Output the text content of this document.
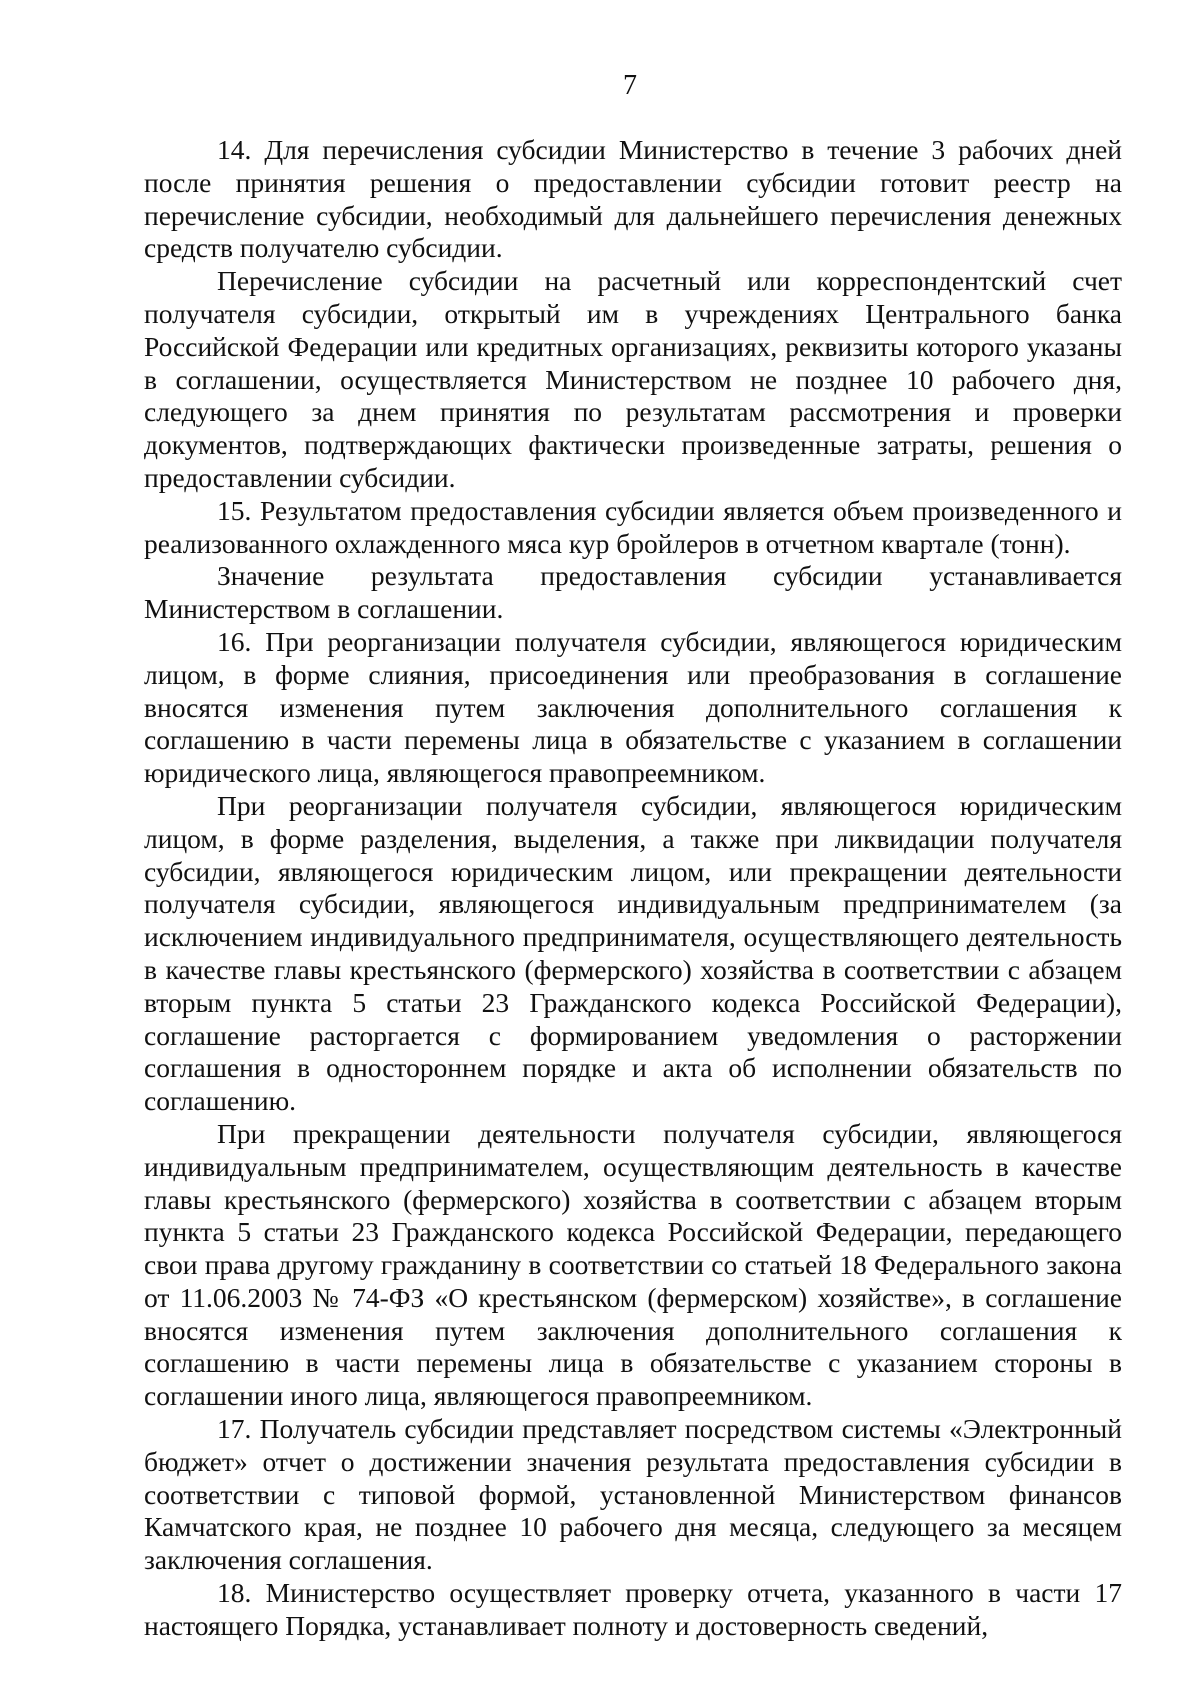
7

14. Для перечисления субсидии Министерство в течение 3 рабочих дней после принятия решения о предоставлении субсидии готовит реестр на перечисление субсидии, необходимый для дальнейшего перечисления денежных средств получателю субсидии.

Перечисление субсидии на расчетный или корреспондентский счет получателя субсидии, открытый им в учреждениях Центрального банка Российской Федерации или кредитных организациях, реквизиты которого указаны в соглашении, осуществляется Министерством не позднее 10 рабочего дня, следующего за днем принятия по результатам рассмотрения и проверки документов, подтверждающих фактически произведенные затраты, решения о предоставлении субсидии.

15. Результатом предоставления субсидии является объем произведенного и реализованного охлажденного мяса кур бройлеров в отчетном квартале (тонн).

Значение результата предоставления субсидии устанавливается Министерством в соглашении.

16. При реорганизации получателя субсидии, являющегося юридическим лицом, в форме слияния, присоединения или преобразования в соглашение вносятся изменения путем заключения дополнительного соглашения к соглашению в части перемены лица в обязательстве с указанием в соглашении юридического лица, являющегося правопреемником.

При реорганизации получателя субсидии, являющегося юридическим лицом, в форме разделения, выделения, а также при ликвидации получателя субсидии, являющегося юридическим лицом, или прекращении деятельности получателя субсидии, являющегося индивидуальным предпринимателем (за исключением индивидуального предпринимателя, осуществляющего деятельность в качестве главы крестьянского (фермерского) хозяйства в соответствии с абзацем вторым пункта 5 статьи 23 Гражданского кодекса Российской Федерации), соглашение расторгается с формированием уведомления о расторжении соглашения в одностороннем порядке и акта об исполнении обязательств по соглашению.

При прекращении деятельности получателя субсидии, являющегося индивидуальным предпринимателем, осуществляющим деятельность в качестве главы крестьянского (фермерского) хозяйства в соответствии с абзацем вторым пункта 5 статьи 23 Гражданского кодекса Российской Федерации, передающего свои права другому гражданину в соответствии со статьей 18 Федерального закона от 11.06.2003 № 74-ФЗ «О крестьянском (фермерском) хозяйстве», в соглашение вносятся изменения путем заключения дополнительного соглашения к соглашению в части перемены лица в обязательстве с указанием стороны в соглашении иного лица, являющегося правопреемником.

17. Получатель субсидии представляет посредством системы «Электронный бюджет» отчет о достижении значения результата предоставления субсидии в соответствии с типовой формой, установленной Министерством финансов Камчатского края, не позднее 10 рабочего дня месяца, следующего за месяцем заключения соглашения.

18. Министерство осуществляет проверку отчета, указанного в части 17 настоящего Порядка, устанавливает полноту и достоверность сведений,
